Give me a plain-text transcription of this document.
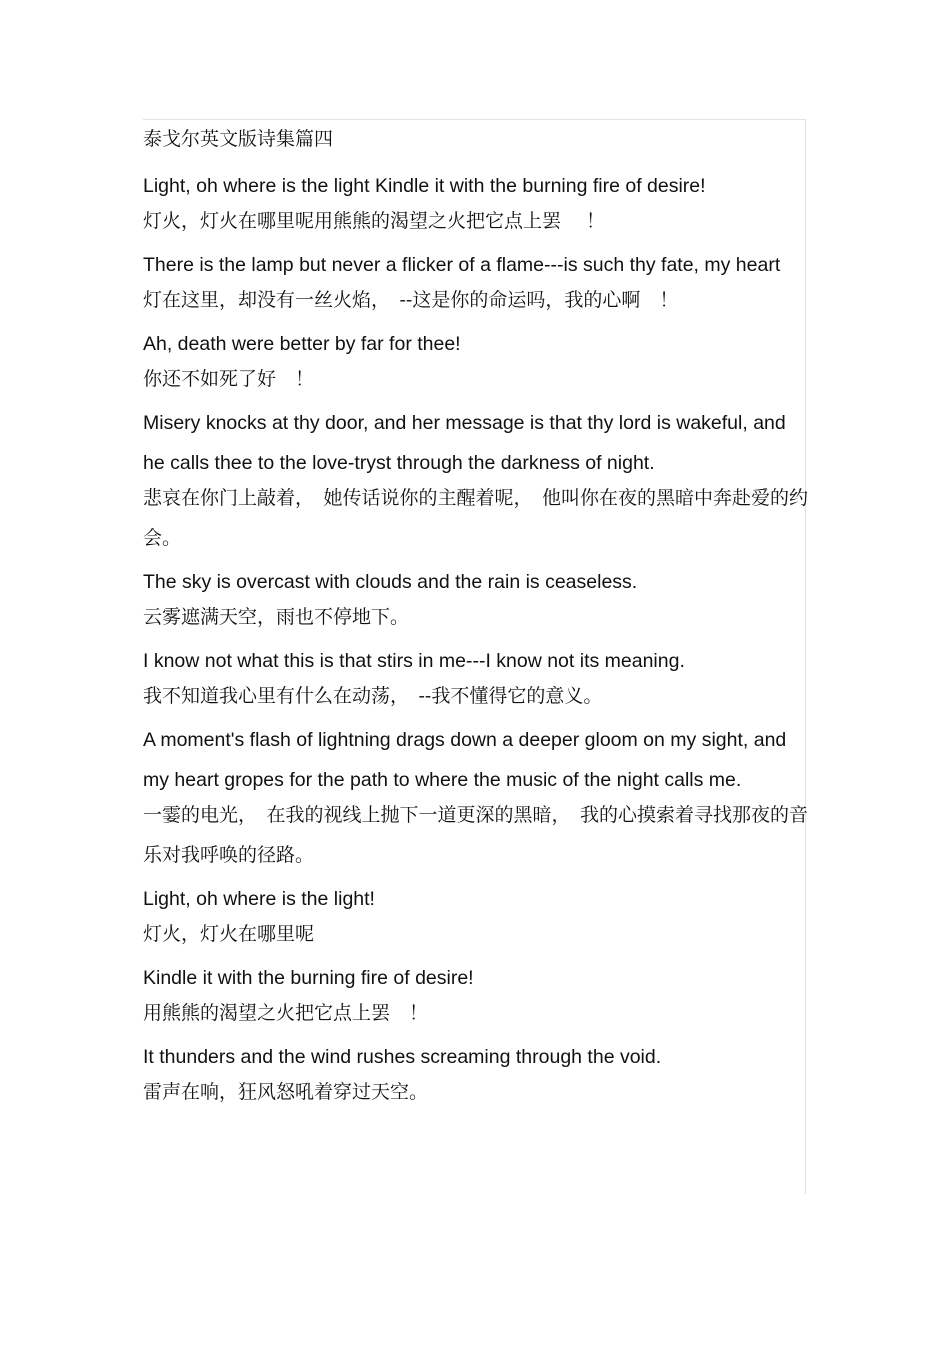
泰戈尔英文版诗集篇四

Light, oh where is the light Kindle it with the burning fire of desire!

灯火，灯火在哪里呢用熊熊的渴望之火把它点上罢　 ！

There is the lamp but never a flicker of a flame---is such thy fate, my heart

灯在这里，却没有一丝火焰，　--这是你的命运吗，我的心啊　！

Ah, death were better by far for thee!

你还不如死了好　！

Misery knocks at thy door, and her message is that thy lord is wakeful, and he calls thee to the love-tryst through the darkness of night.

悲哀在你门上敲着，　她传话说你的主醒着呢，　他叫你在夜的黑暗中奔赴爱的约会。

The sky is overcast with clouds and the rain is ceaseless.

云雾遮满天空，雨也不停地下。

I know not what this is that stirs in me---I know not its meaning.

我不知道我心里有什么在动荡，　--我不懂得它的意义。

A moment's flash of lightning drags down a deeper gloom on my sight, and my heart gropes for the path to where the music of the night calls me.

一霎的电光，　在我的视线上抛下一道更深的黑暗，　我的心摸索着寻找那夜的音乐对我呼唤的径路。

Light, oh where is the light!

灯火，灯火在哪里呢

Kindle it with the burning fire of desire!

用熊熊的渴望之火把它点上罢　！

It thunders and the wind rushes screaming through the void.

雷声在响，狂风怒吼着穿过天空。
